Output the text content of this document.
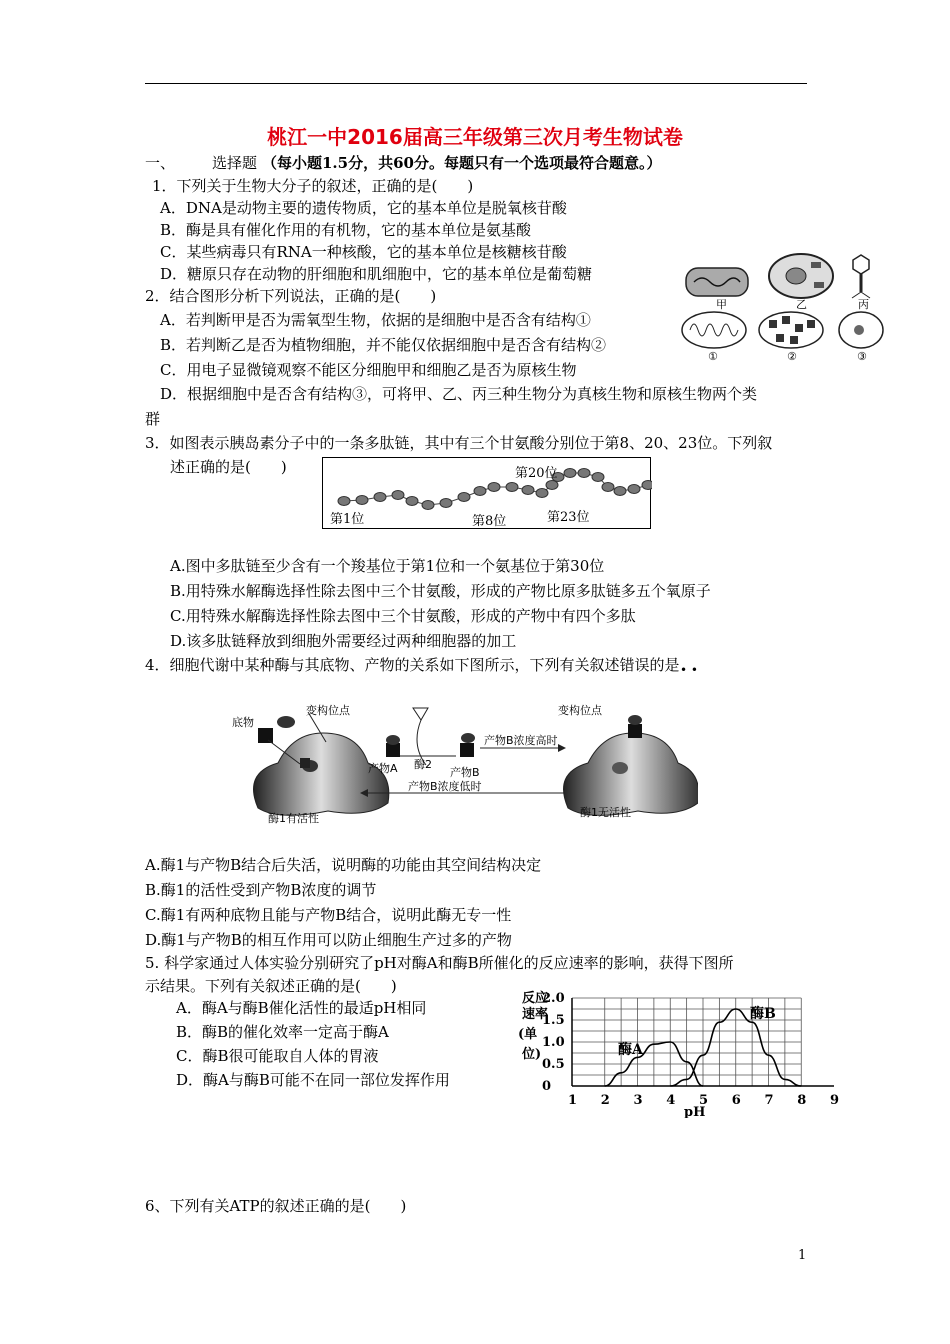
桃江一中2016届高三年级第三次月考生物试卷
一、 选择题 （每小题1.5分，共60分。每题只有一个选项最符合题意。）
1．下列关于生物大分子的叙述，正确的是(　　)
A．DNA是动物主要的遗传物质，它的基本单位是脱氧核苷酸
B．酶是具有催化作用的有机物，它的基本单位是氨基酸
C．某些病毒只有RNA一种核酸，它的基本单位是核糖核苷酸
D．糖原只存在动物的肝细胞和肌细胞中，它的基本单位是葡萄糖
2．结合图形分析下列说法，正确的是(　　)
A．若判断甲是否为需氧型生物，依据的是细胞中是否含有结构①
B．若判断乙是否为植物细胞，并不能仅依据细胞中是否含有结构②
C．用电子显微镜观察不能区分细胞甲和细胞乙是否为原核生物
D．根据细胞中是否含有结构③，可将甲、乙、丙三种生物分为真核生物和原核生物两个类
群
甲	乙	丙
①	②	③
3．如图表示胰岛素分子中的一条多肽链，其中有三个甘氨酸分别位于第8、20、23位。下列叙
述正确的是(　　)
第1位	第8位
第20位
第23位
A.图中多肽链至少含有一个羧基位于第1位和一个氨基位于第30位
B.用特殊水解酶选择性除去图中三个甘氨酸，形成的产物比原多肽链多五个氧原子
C.用特殊水解酶选择性除去图中三个甘氨酸，形成的产物中有四个多肽
D.该多肽链释放到细胞外需要经过两种细胞器的加工
4．细胞代谢中某种酶与其底物、产物的关系如下图所示，下列有关叙述错误的是 • •
底物
变构位点
产物A 酶2
产物B
产物B浓度高时
产物B浓度低时
变构位点
酶1有活性	酶1无活性
A.酶1与产物B结合后失活，说明酶的功能由其空间结构决定
B.酶1的活性受到产物B浓度的调节
C.酶1有两种底物且能与产物B结合，说明此酶无专一性
D.酶1与产物B的相互作用可以防止细胞生产过多的产物
5. 科学家通过人体实验分别研究了pH对酶A和酶B所催化的反应速率的影响，获得下图所
示结果。下列有关叙述正确的是(　　)
A．酶A与酶B催化活性的最适pH相同
B．酶B的催化效率一定高于酶A
C．酶B很可能取自人体的胃液
D．酶A与酶B可能不在同一部位发挥作用
1 2 3 4 5 6 7 8 9
0
0.5
1.0
1.5
2.0
反应
速率
(单
位)
pH
酶A
酶B
6、下列有关ATP的叙述正确的是(　　)
1
